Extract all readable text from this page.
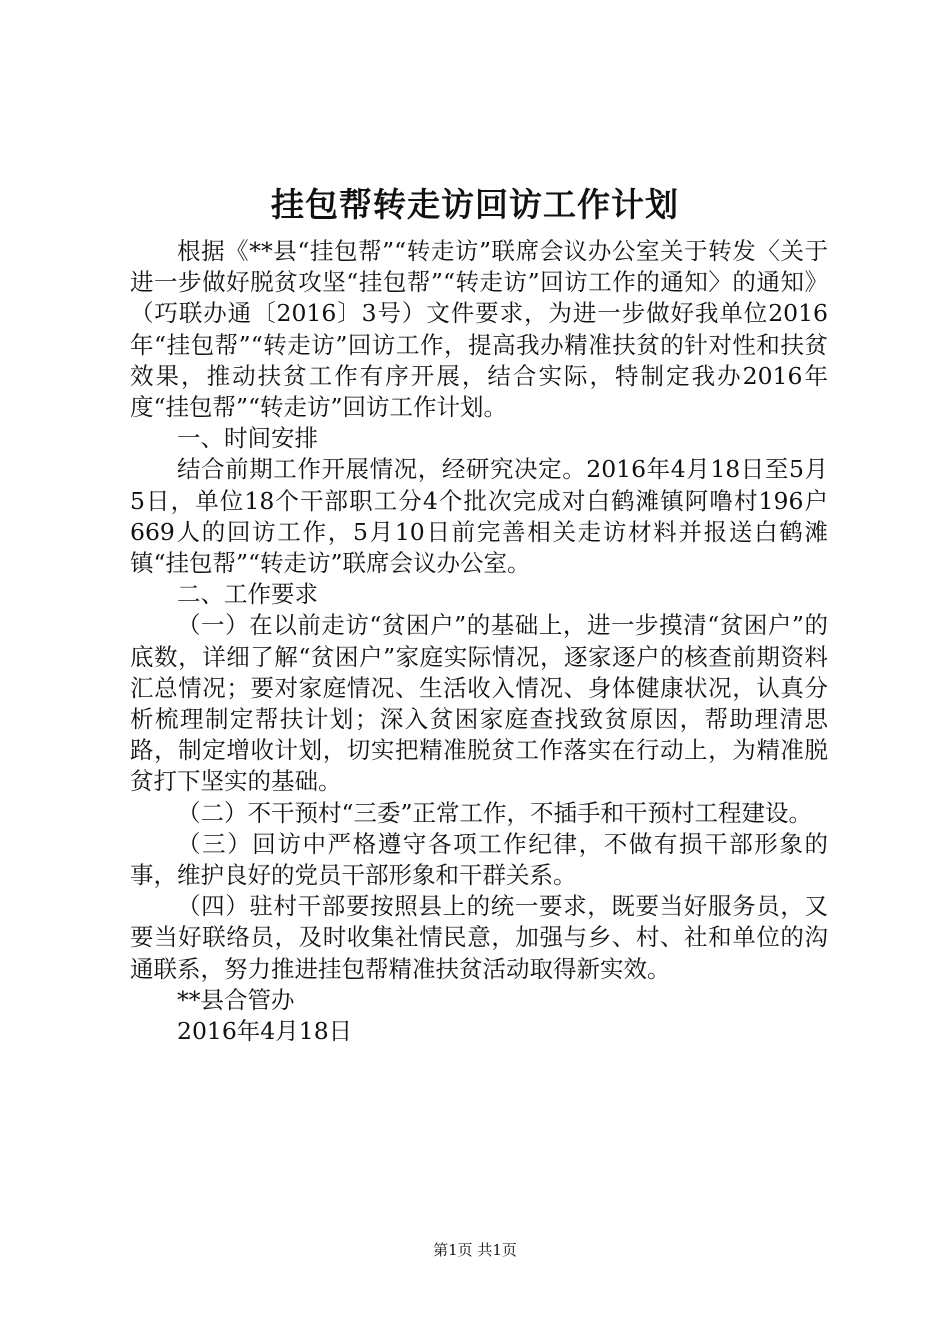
挂包帮转走访回访工作计划

根据《**县“挂包帮”“转走访”联席会议办公室关于转发〈关于进一步做好脱贫攻坚“挂包帮”“转走访”回访工作的通知〉的通知》（巧联办通〔2016〕3号）文件要求，为进一步做好我单位2016年“挂包帮”“转走访”回访工作，提高我办精准扶贫的针对性和扶贫效果，推动扶贫工作有序开展，结合实际，特制定我办2016年度“挂包帮”“转走访”回访工作计划。

一、时间安排

结合前期工作开展情况，经研究决定。2016年4月18日至5月5日，单位18个干部职工分4个批次完成对白鹤滩镇阿噜村196户669人的回访工作，5月10日前完善相关走访材料并报送白鹤滩镇“挂包帮”“转走访”联席会议办公室。

二、工作要求

（一）在以前走访“贫困户”的基础上，进一步摸清“贫困户”的底数，详细了解“贫困户”家庭实际情况，逐家逐户的核查前期资料汇总情况；要对家庭情况、生活收入情况、身体健康状况，认真分析梳理制定帮扶计划；深入贫困家庭查找致贫原因，帮助理清思路，制定增收计划，切实把精准脱贫工作落实在行动上，为精准脱贫打下坚实的基础。

（二）不干预村“三委”正常工作，不插手和干预村工程建设。

（三）回访中严格遵守各项工作纪律，不做有损干部形象的事，维护良好的党员干部形象和干群关系。

（四）驻村干部要按照县上的统一要求，既要当好服务员，又要当好联络员，及时收集社情民意，加强与乡、村、社和单位的沟通联系，努力推进挂包帮精准扶贫活动取得新实效。

**县合管办

2016年4月18日

第1页 共1页
